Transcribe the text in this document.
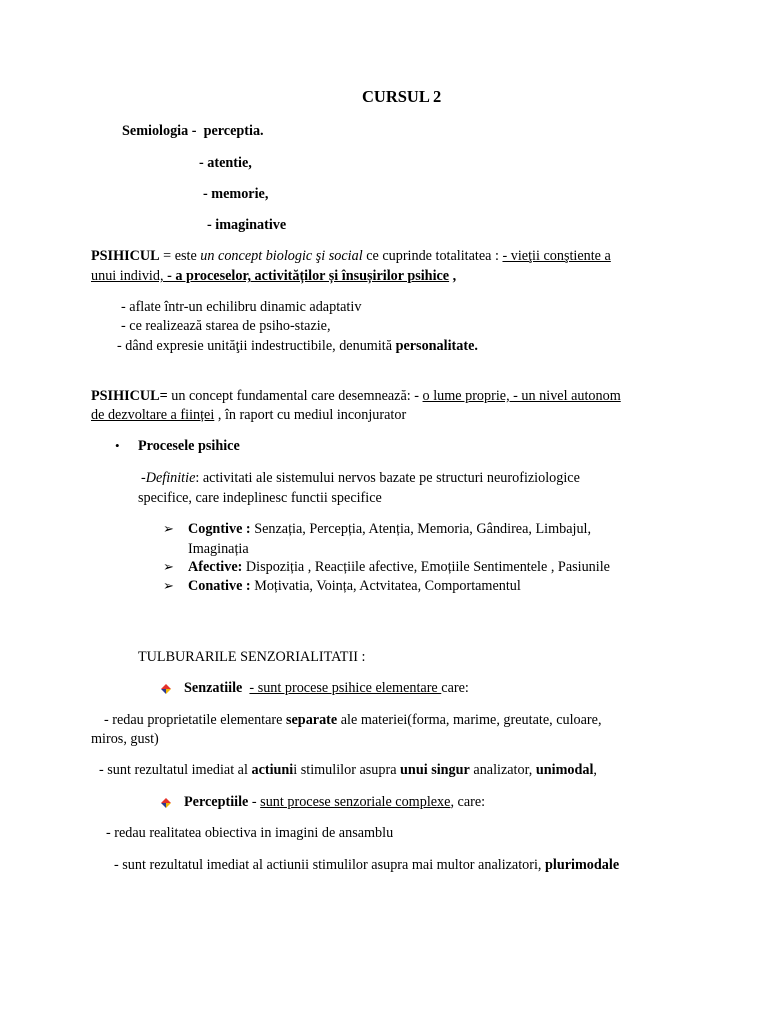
CURSUL 2
Semiologia - perceptia.
- atentie,
- memorie,
- imaginative
PSIHICUL = este un concept biologic şi social ce cuprinde totalitatea : - vieţii conştiente a
unui individ, - a proceselor, activităților și însușirilor psihice ,
- aflate într-un echilibru dinamic adaptativ
- ce realizează starea de psiho-stazie,
- dând expresie unităţii indestructibile, denumită personalitate.
PSIHICUL= un concept fundamental care desemnează: - o lume proprie, - un nivel autonom
de dezvoltare a ființei , în raport cu mediul inconjurator
• Procesele psihice
-Definitie: activitati ale sistemului nervos bazate pe structuri neurofiziologice
specifice, care indeplinesc functii specifice
➢ Cogntive : Senzația, Percepția, Atenția, Memoria, Gândirea, Limbajul,
Imaginația
➢ Afective: Dispoziția , Reacțiile afective, Emoțiile Sentimentele , Pasiunile
➢ Conative : Moțivatia, Voința, Actvitatea, Comportamentul
TULBURARILE SENZORIALITATII :
Senzatiile - sunt procese psihice elementare care:
- redau proprietatile elementare separate ale materiei(forma, marime, greutate, culoare,
miros, gust)
- sunt rezultatul imediat al actiunii stimulilor asupra unui singur analizator, unimodal,
Perceptiile - sunt procese senzoriale complexe, care:
- redau realitatea obiectiva in imagini de ansamblu
- sunt rezultatul imediat al actiunii stimulilor asupra mai multor analizatori, plurimodale
